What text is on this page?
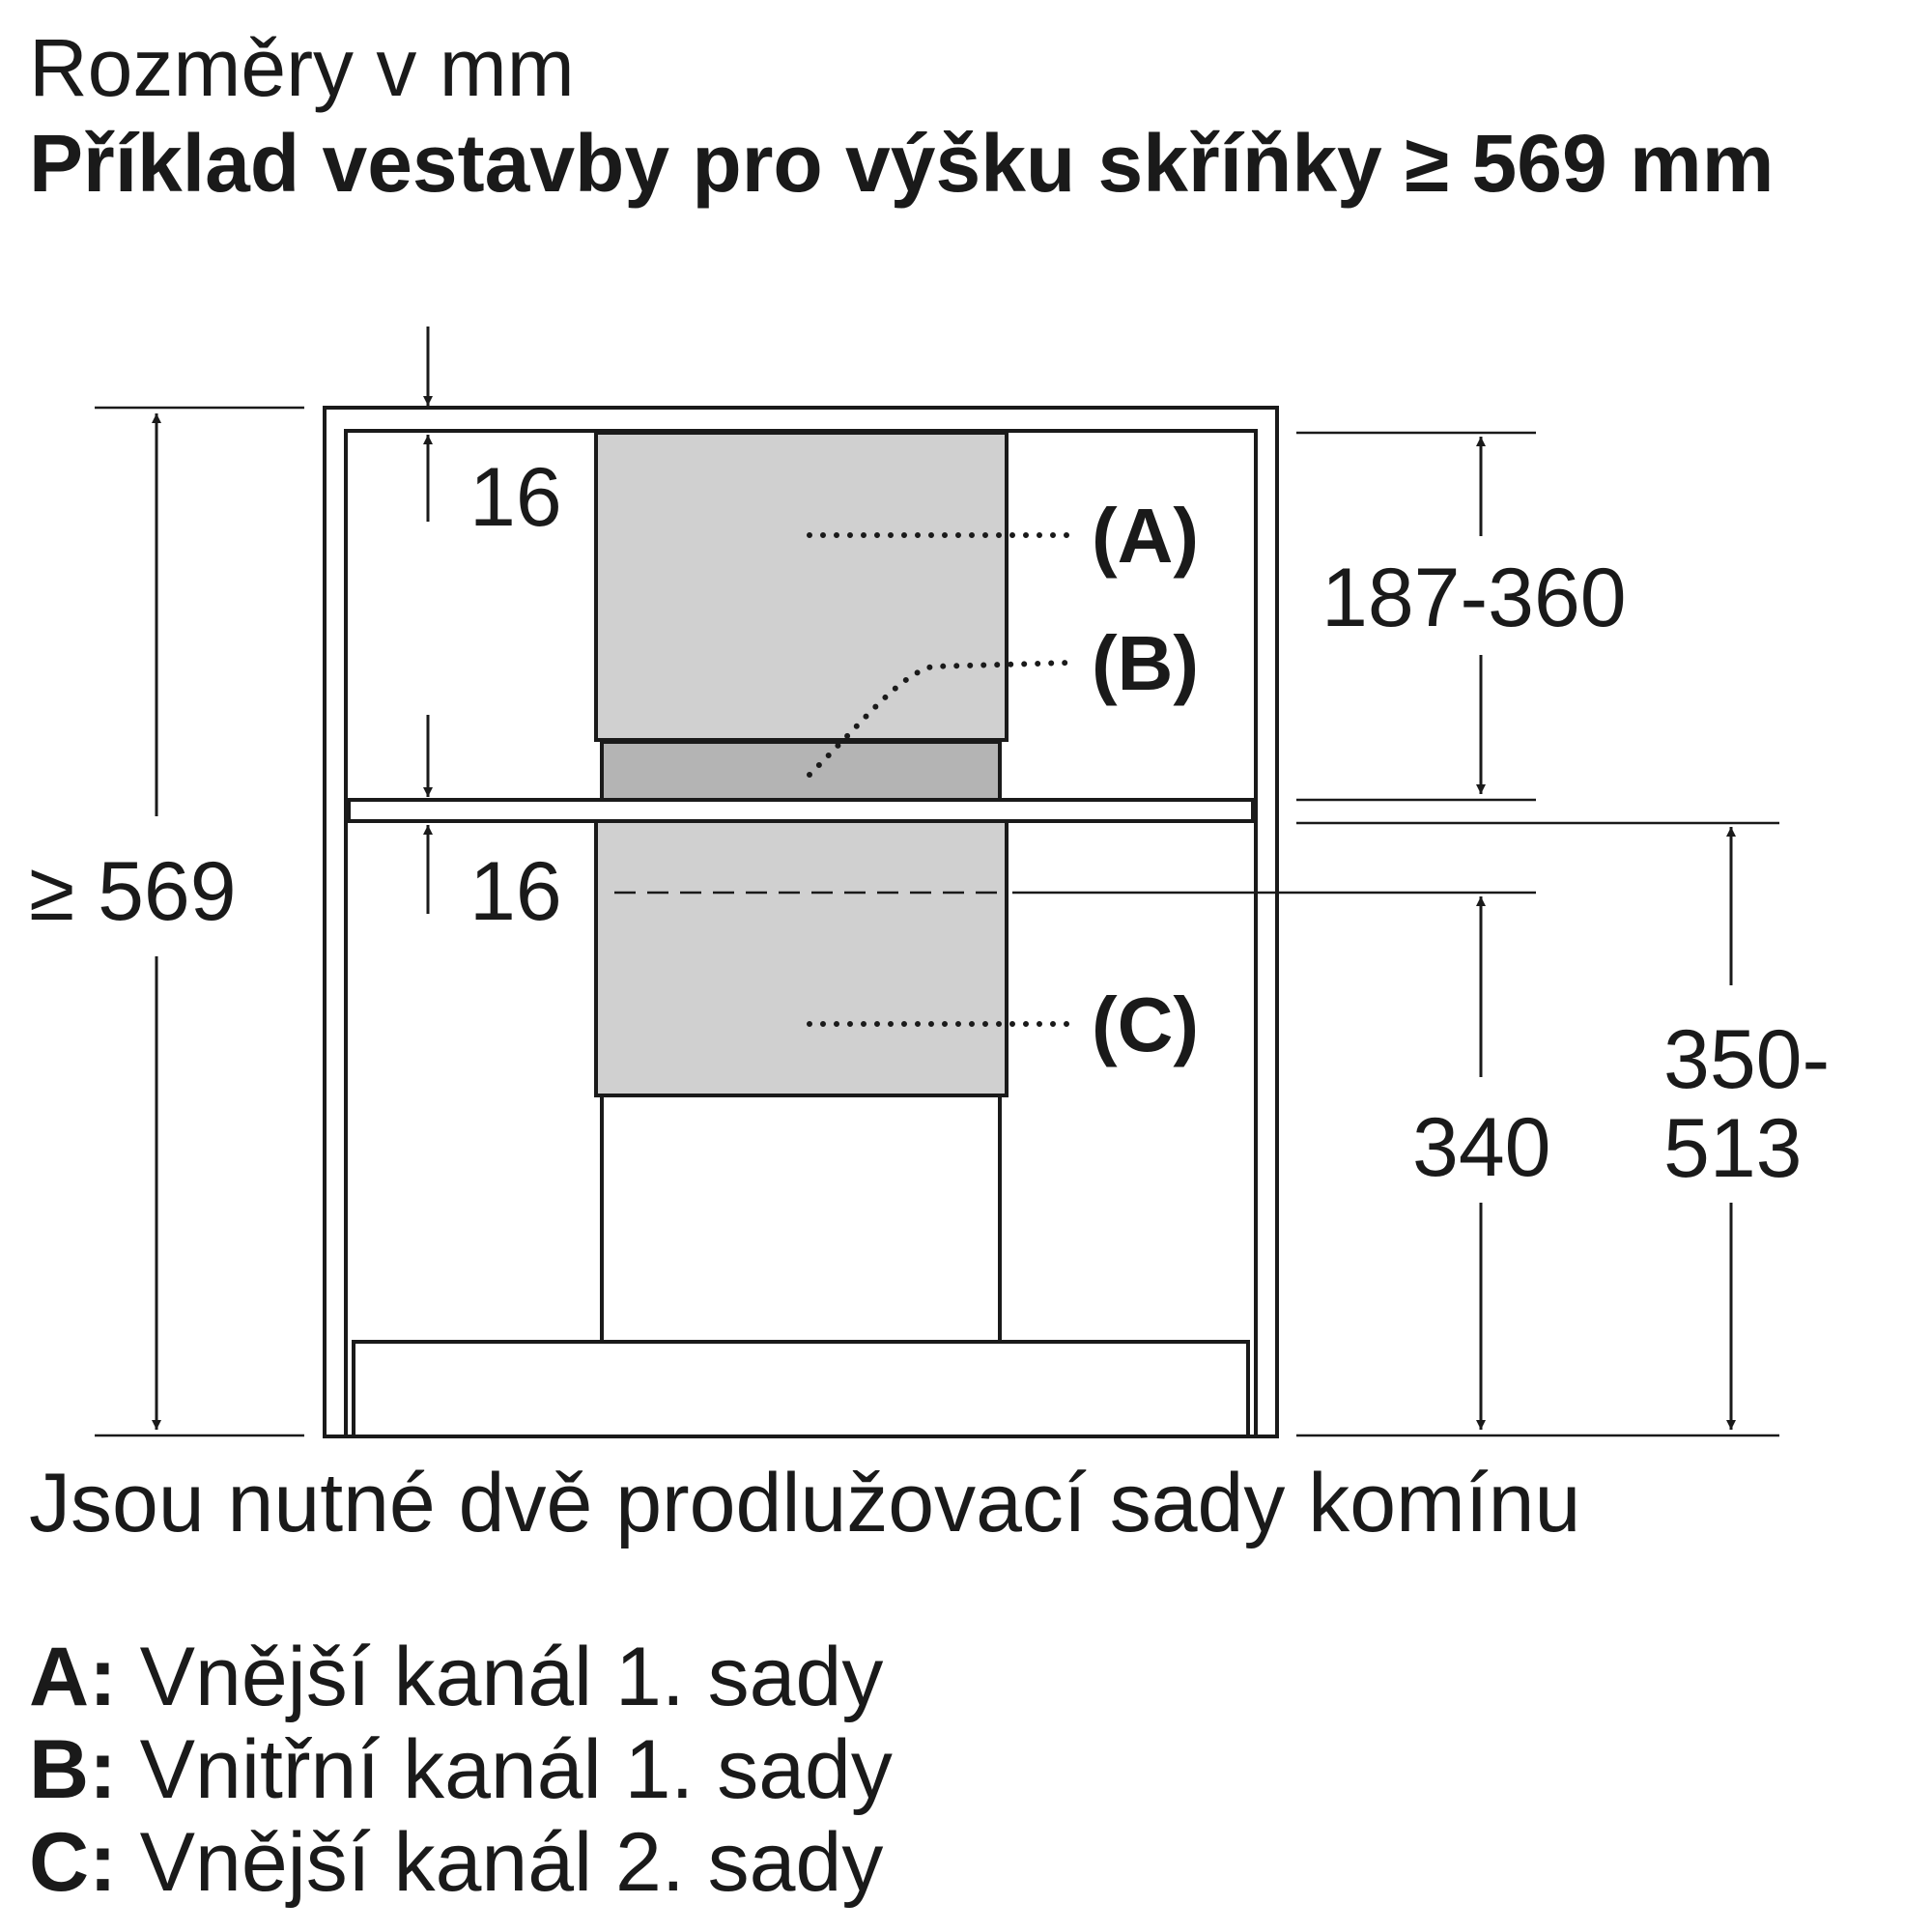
Rozměry v mm

Příklad vestavby pro výšku skříňky ≥ 569 mm

16
16
≥ 569
187-360
340
350-
513
(A)
(B)
(C)

Jsou nutné dvě prodlužovací sady komínu

A: Vnější kanál 1. sady
B: Vnitřní kanál 1. sady
C: Vnější kanál 2. sady
